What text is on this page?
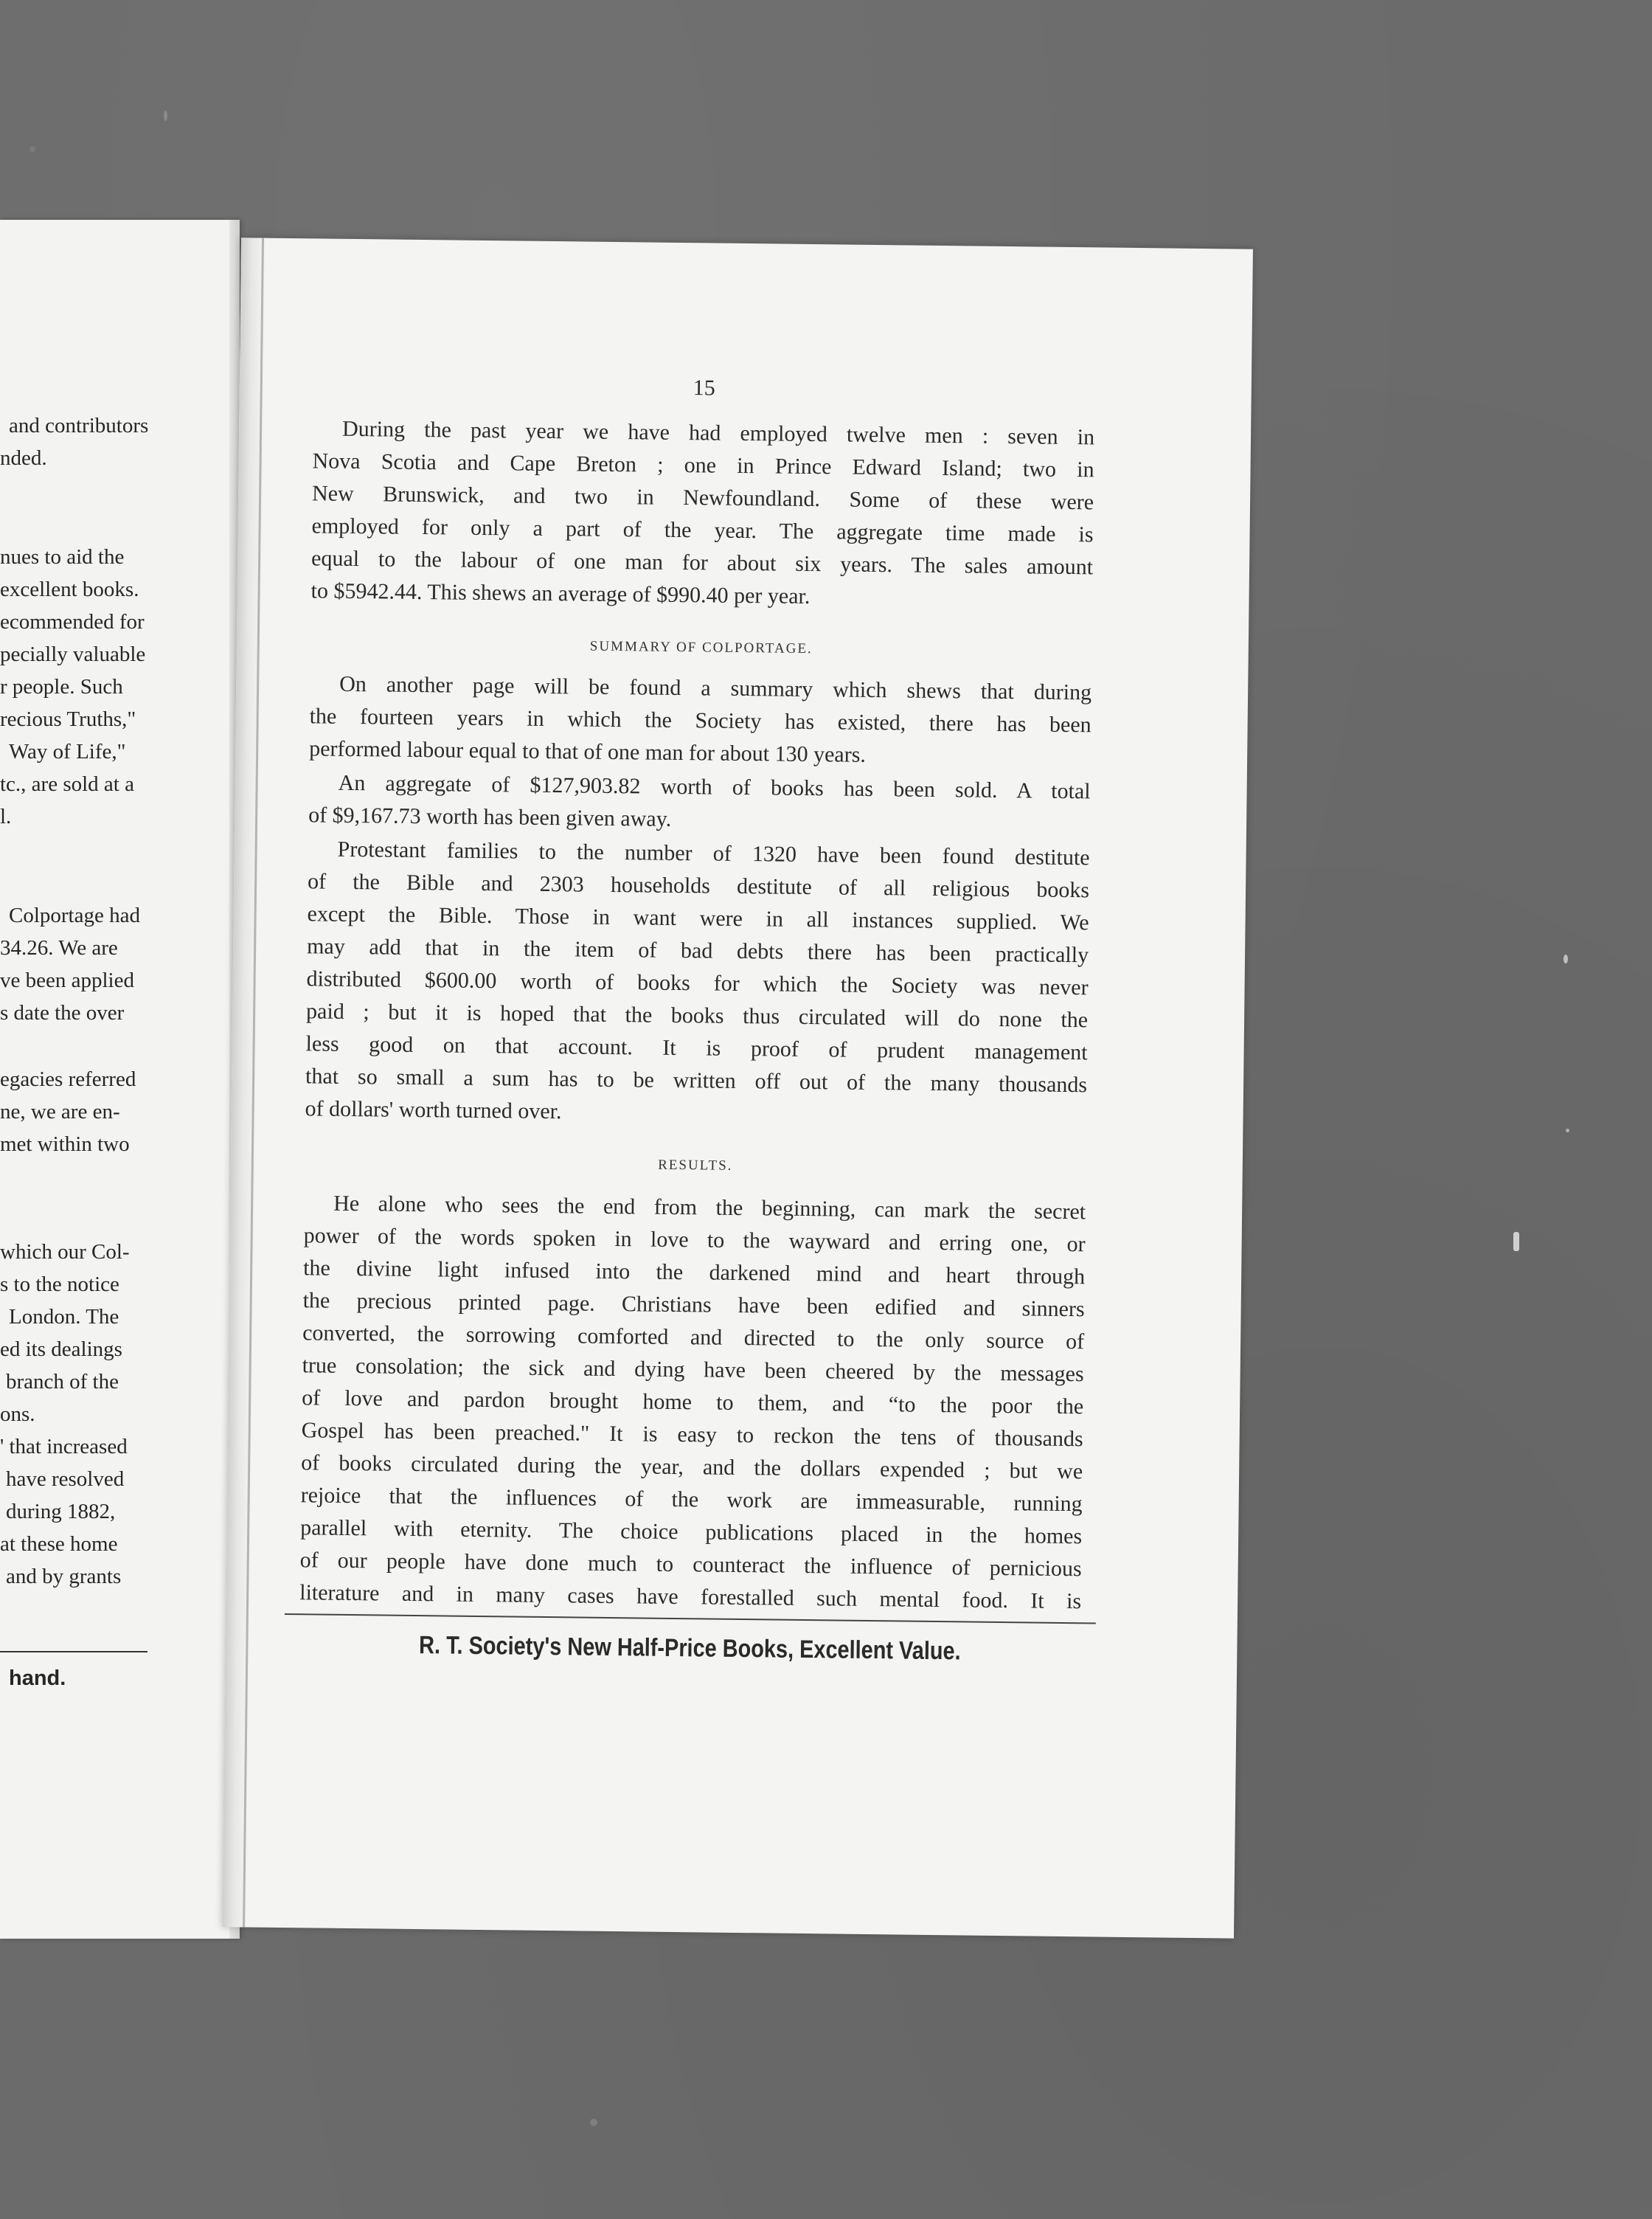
and contributors
nded.
nues to aid the
excellent books.
ecommended for
pecially valuable
r people. Such
recious Truths,"
Way of Life,"
tc., are sold at a
l.
Colportage had
34.26. We are
ve been applied
s date the over
egacies referred
ne, we are en-
met within two
which our Col-
s to the notice
London. The
ed its dealings
branch of the
ons.
' that increased
have resolved
during 1882,
at these home
and by grants
hand.
15
During the past year we have had employed twelve men : seven in
Nova Scotia and Cape Breton ; one in Prince Edward Island; two in
New Brunswick, and two in Newfoundland. Some of these were
employed for only a part of the year. The aggregate time made is
equal to the labour of one man for about six years. The sales amount
to $5942.44. This shews an average of $990.40 per year.
SUMMARY OF COLPORTAGE.
On another page will be found a summary which shews that during
the fourteen years in which the Society has existed, there has been
performed labour equal to that of one man for about 130 years.
An aggregate of $127,903.82 worth of books has been sold. A total
of $9,167.73 worth has been given away.
Protestant families to the number of 1320 have been found destitute
of the Bible and 2303 households destitute of all religious books
except the Bible. Those in want were in all instances supplied. We
may add that in the item of bad debts there has been practically
distributed $600.00 worth of books for which the Society was never
paid ; but it is hoped that the books thus circulated will do none the
less good on that account. It is proof of prudent management
that so small a sum has to be written off out of the many thousands
of dollars' worth turned over.
RESULTS.
He alone who sees the end from the beginning, can mark the secret
power of the words spoken in love to the wayward and erring one, or
the divine light infused into the darkened mind and heart through
the precious printed page. Christians have been edified and sinners
converted, the sorrowing comforted and directed to the only source of
true consolation; the sick and dying have been cheered by the messages
of love and pardon brought home to them, and “to the poor the
Gospel has been preached." It is easy to reckon the tens of thousands
of books circulated during the year, and the dollars expended ; but we
rejoice that the influences of the work are immeasurable, running
parallel with eternity. The choice publications placed in the homes
of our people have done much to counteract the influence of pernicious
literature and in many cases have forestalled such mental food. It is
R. T. Society's New Half-Price Books, Excellent Value.
